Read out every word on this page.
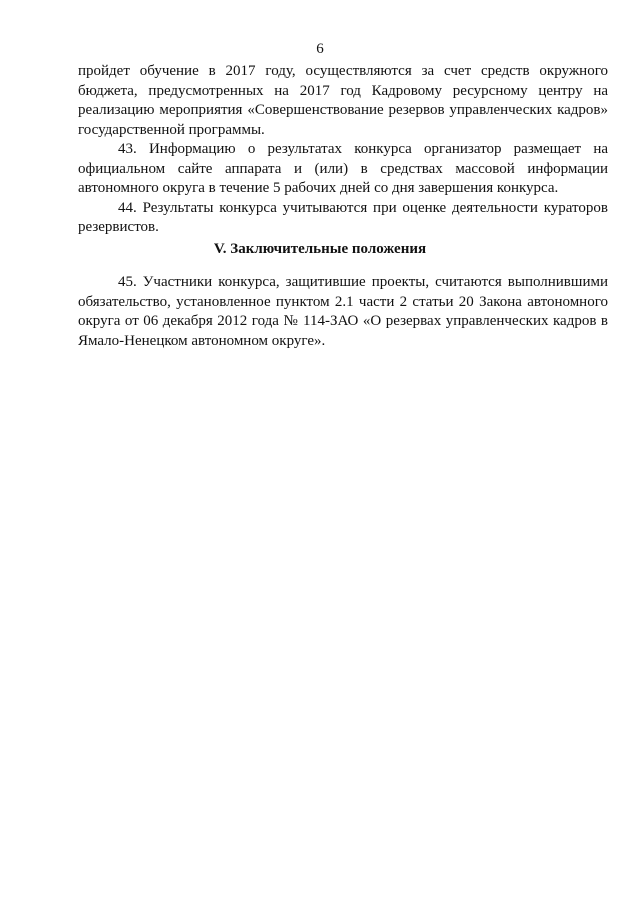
6

пройдет обучение в 2017 году, осуществляются за счет средств окружного бюджета, предусмотренных на 2017 год Кадровому ресурсному центру на реализацию мероприятия «Совершенствование резервов управленческих кадров» государственной программы.

43. Информацию о результатах конкурса организатор размещает на официальном сайте аппарата и (или) в средствах массовой информации автономного округа в течение 5 рабочих дней со дня завершения конкурса.

44. Результаты конкурса учитываются при оценке деятельности кураторов резервистов.

V. Заключительные положения

45. Участники конкурса, защитившие проекты, считаются выполнившими обязательство, установленное пунктом 2.1 части 2 статьи 20 Закона автономного округа от 06 декабря 2012 года № 114-ЗАО «О резервах управленческих кадров в Ямало-Ненецком автономном округе».
